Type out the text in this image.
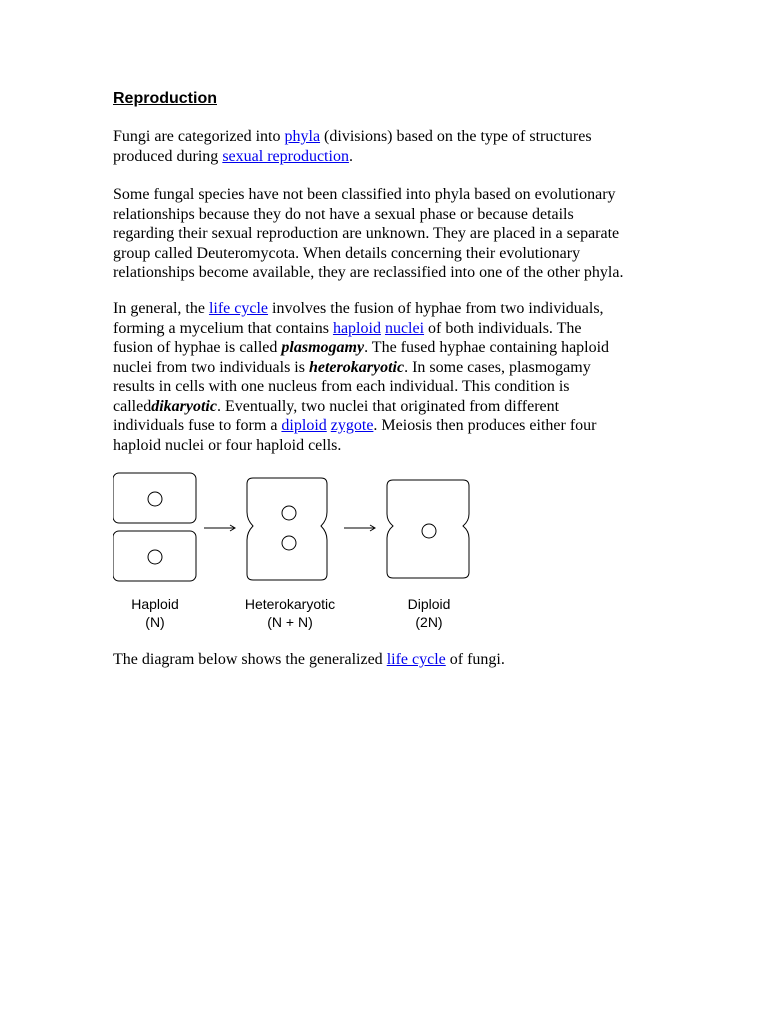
Reproduction

Fungi are categorized into phyla (divisions) based on the type of structures
produced during sexual reproduction.

Some fungal species have not been classified into phyla based on evolutionary
relationships because they do not have a sexual phase or because details
regarding their sexual reproduction are unknown. They are placed in a separate
group called Deuteromycota. When details concerning their evolutionary
relationships become available, they are reclassified into one of the other phyla.

In general, the life cycle involves the fusion of hyphae from two individuals,
forming a mycelium that contains haploid nuclei of both individuals. The
fusion of hyphae is called plasmogamy. The fused hyphae containing haploid
nuclei from two individuals is heterokaryotic. In some cases, plasmogamy
results in cells with one nucleus from each individual. This condition is
calleddikaryotic. Eventually, two nuclei that originated from different
individuals fuse to form a diploid zygote. Meiosis then produces either four
haploid nuclei or four haploid cells.

The diagram below shows the generalized life cycle of fungi.

Haploid
(N)
Heterokaryotic
(N + N)
Diploid
(2N)
